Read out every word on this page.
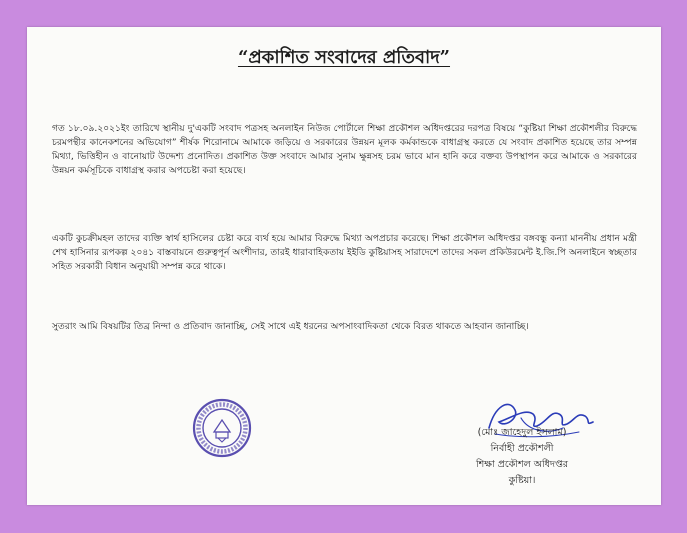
“প্রকাশিত সংবাদের প্রতিবাদ”
গত ১৮.০৯.২০২১ইং তারিখে স্থানীয় দু'একটি সংবাদ পত্রসহ অনলাইন নিউজ পোর্টালে শিক্ষা প্রকৌশল অধিদপ্তরের দরপত্র বিষয়ে “কুষ্টিয়া শিক্ষা প্রকৌশলীর বিরুদ্ধে চরমপন্থীর কানেকশনের অভিযোগ” শীর্ষক শিরোনামে আমাকে জড়িয়ে ও সরকারের উন্নয়ন মূলক কর্মকান্ডকে বাধাগ্রস্থ করতে যে সংবাদ প্রকাশিত হয়েছে তার সম্পন্ন মিথ্যা, ভিত্তিহীন ও বানোয়াট উদ্দেশ্য প্রনোদিত। প্রকাশিত উক্ত সংবাদে আমার সুনাম ক্ষুন্নসহ চরম ভাবে মান হানি করে বক্তব্য উপস্থাপন করে আমাকে ও সরকারের উন্নয়ন কর্মসূচিকে বাধাগ্রস্থ করার অপচেষ্টা করা হয়েছে।
একটি কুচক্রীমহল তাদের ব্যক্তি স্বার্থ হাসিলের চেষ্টা করে ব্যর্থ হয়ে আমার বিরুদ্ধে মিথ্যা অপপ্রচার করেছে। শিক্ষা প্রকৌশল অধিদপ্তর বঙ্গবন্ধু কন্যা মাননীয় প্রধান মন্ত্রী শেখ হাসিনার রূপকল্প ২০৪১ বাস্তবায়নে গুরুত্বপূর্ন অংশীদার, তারই ধারাবাহিকতায় ইইডি কুষ্টিয়াসহ সারাদেশে তাদের সকল প্রকিউরমেন্ট ই.জি.পি অনলাইনে স্বচ্ছতার সহিত সরকারী বিধান অনুযায়ী সম্পন্ন করে থাকে।
সুতরাং আমি বিষয়টির তিব্র নিন্দা ও প্রতিবাদ জানাচ্ছি, সেই সাথে এই ধরনের অপসাংবাদিকতা থেকে বিরত থাকতে আহবান জানাচ্ছি।
(মোঃ জাহেদুল ইসলাম)
নির্বাহী প্রকৌশলী
শিক্ষা প্রকৌশল অধিদপ্তর
কুষ্টিয়া।
